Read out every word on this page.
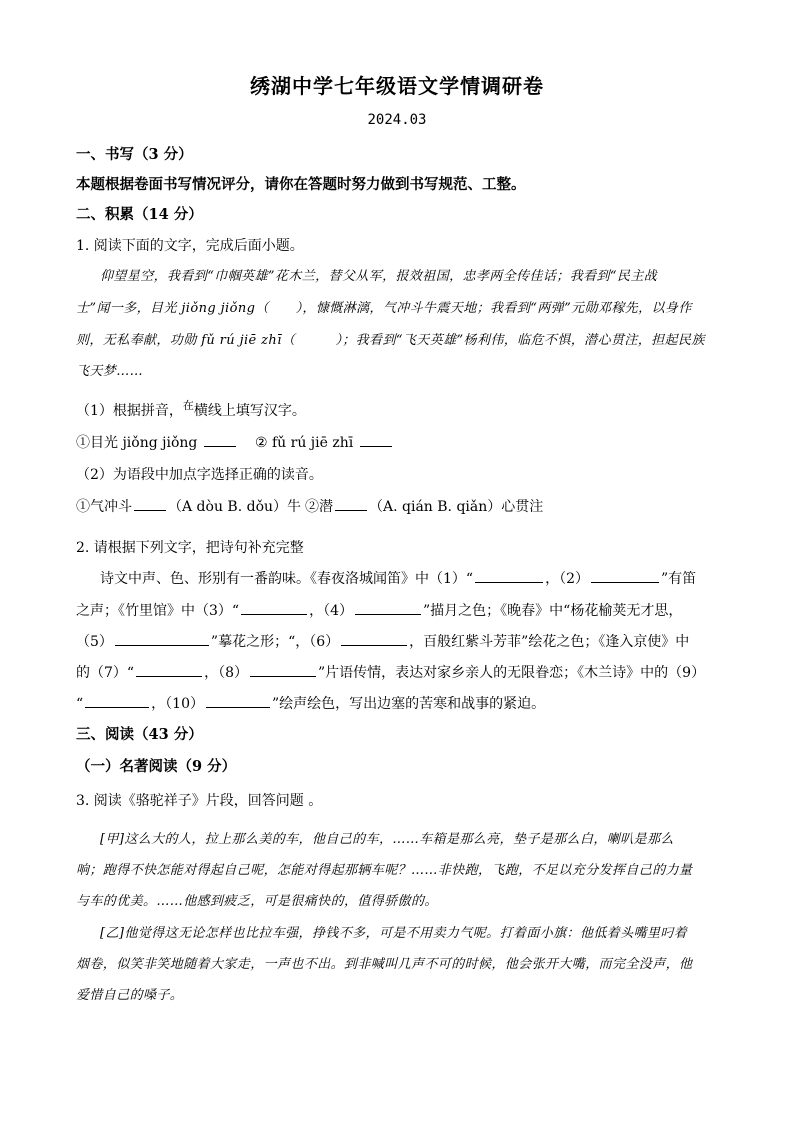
绣湖中学七年级语文学情调研卷
2024.03
一、书写（3 分）
本题根据卷面书写情况评分，请你在答题时努力做到书写规范、工整。
二、积累（14 分）
1. 阅读下面的文字，完成后面小题。
仰望星空，我看到“巾帼英雄”花木兰，替父从军，报效祖国，忠孝两全传佳话；我看到“民主战
士”闻一多，目光 jiǒng jiǒng（　　），慷慨淋漓，气冲斗牛震天地；我看到“两弹”元勋邓稼先，以身作
则，无私奉献，功勋 fǔ rú jiē zhī（　　　）；我看到“飞天英雄”杨利伟，临危不惧，潜心贯注，担起民族
飞天梦……
（1）根据拼音，$^在$横线上填写汉字。
①目光 jiǒng jiǒng	② fǔ rú jiē zhī
（2）为语段中加点字选择正确的读音。
①气冲斗	（A dòu B. dǒu）牛 ②潜	（A. qián B. qiǎn）心贯注
2. 请根据下列文字，把诗句补充完整
诗文中声、色、形别有一番韵味。《春夜洛城闻笛》中（1）“	，（2）	”有笛
之声；《竹里馆》中（3）“	，（4）	”描月之色；《晚春》中“杨花榆荚无才思，
（5）	”摹花之形；“，（6）	，百般红紫斗芳菲”绘花之色；《逢入京使》中
的（7）“	，（8）	”片语传情，表达对家乡亲人的无限眷恋；《木兰诗》中的（9）
“	，（10）	”绘声绘色，写出边塞的苦寒和战事的紧迫。
三、阅读（43 分）
（一）名著阅读（9 分）
3. 阅读《骆驼祥子》片段，回答问题 。
[甲]这么大的人，拉上那么美的车，他自己的车，……车箱是那么亮，垫子是那么白，喇叭是那么
响；跑得不快怎能对得起自己呢，怎能对得起那辆车呢？……非快跑，飞跑，不足以充分发挥自己的力量
与车的优美。……他感到疲乏，可是很痛快的，值得骄傲的。
[乙]他觉得这无论怎样也比拉车强，挣钱不多，可是不用卖力气呢。打着面小旗：他低着头嘴里叼着
烟卷，似笑非笑地随着大家走，一声也不出。到非喊叫几声不可的时候，他会张开大嘴，而完全没声，他
爱惜自己的嗓子。
